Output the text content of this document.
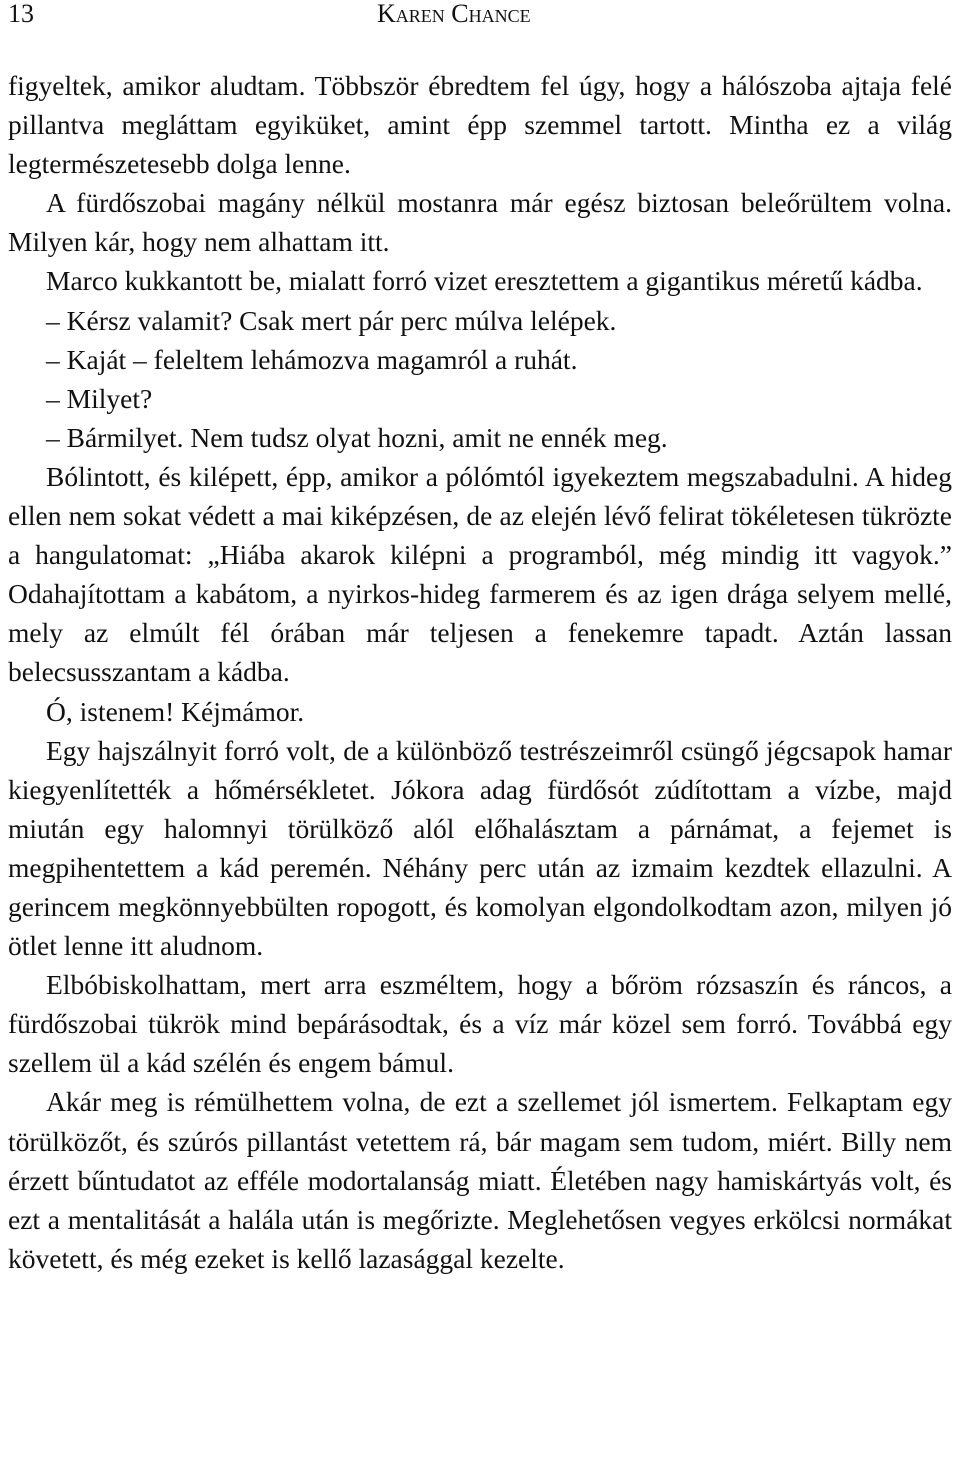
13	Karen Chance

figyeltek, amikor aludtam. Többször ébredtem fel úgy, hogy a hálószoba ajtaja felé pillantva megláttam egyiküket, amint épp szemmel tartott. Mintha ez a világ legtermészetesebb dolga lenne.

A fürdőszobai magány nélkül mostanra már egész biztosan beleőrültem volna. Milyen kár, hogy nem alhattam itt.

Marco kukkantott be, mialatt forró vizet eresztettem a gigantikus méretű kádba.

– Kérsz valamit? Csak mert pár perc múlva lelépek.

– Kaját – feleltem lehámozva magamról a ruhát.

– Milyet?

– Bármilyet. Nem tudsz olyat hozni, amit ne ennék meg.

Bólintott, és kilépett, épp, amikor a pólómtól igyekeztem megszabadulni. A hideg ellen nem sokat védett a mai kiképzésen, de az elején lévő felirat tökéletesen tükrözte a hangulatomat: „Hiába akarok kilépni a programból, még mindig itt vagyok.” Odahajítottam a kabátom, a nyirkos-hideg farmerem és az igen drága selyem mellé, mely az elmúlt fél órában már teljesen a fenekemre tapadt. Aztán lassan belecsusszantam a kádba.

Ó, istenem! Kéjmámor.

Egy hajszálnyit forró volt, de a különböző testrészeimről csüngő jégcsapok hamar kiegyenlítették a hőmérsékletet. Jókora adag fürdősót zúdítottam a vízbe, majd miután egy halomnyi törülköző alól előhalásztam a párnámat, a fejemet is megpihentettem a kád peremén. Néhány perc után az izmaim kezdtek ellazulni. A gerincem megkönnyebbülten ropogott, és komolyan elgondolkodtam azon, milyen jó ötlet lenne itt aludnom.

Elbóbiskolhattam, mert arra eszméltem, hogy a bőröm rózsaszín és ráncos, a fürdőszobai tükrök mind bepárásodtak, és a víz már közel sem forró. Továbbá egy szellem ül a kád szélén és engem bámul.

Akár meg is rémülhettem volna, de ezt a szellemet jól ismertem. Felkaptam egy törülközőt, és szúrós pillantást vetettem rá, bár magam sem tudom, miért. Billy nem érzett bűntudatot az efféle modortalanság miatt. Életében nagy hamiskártyás volt, és ezt a mentalitását a halála után is megőrizte. Meglehetősen vegyes erkölcsi normákat követett, és még ezeket is kellő lazasággal kezelte.
